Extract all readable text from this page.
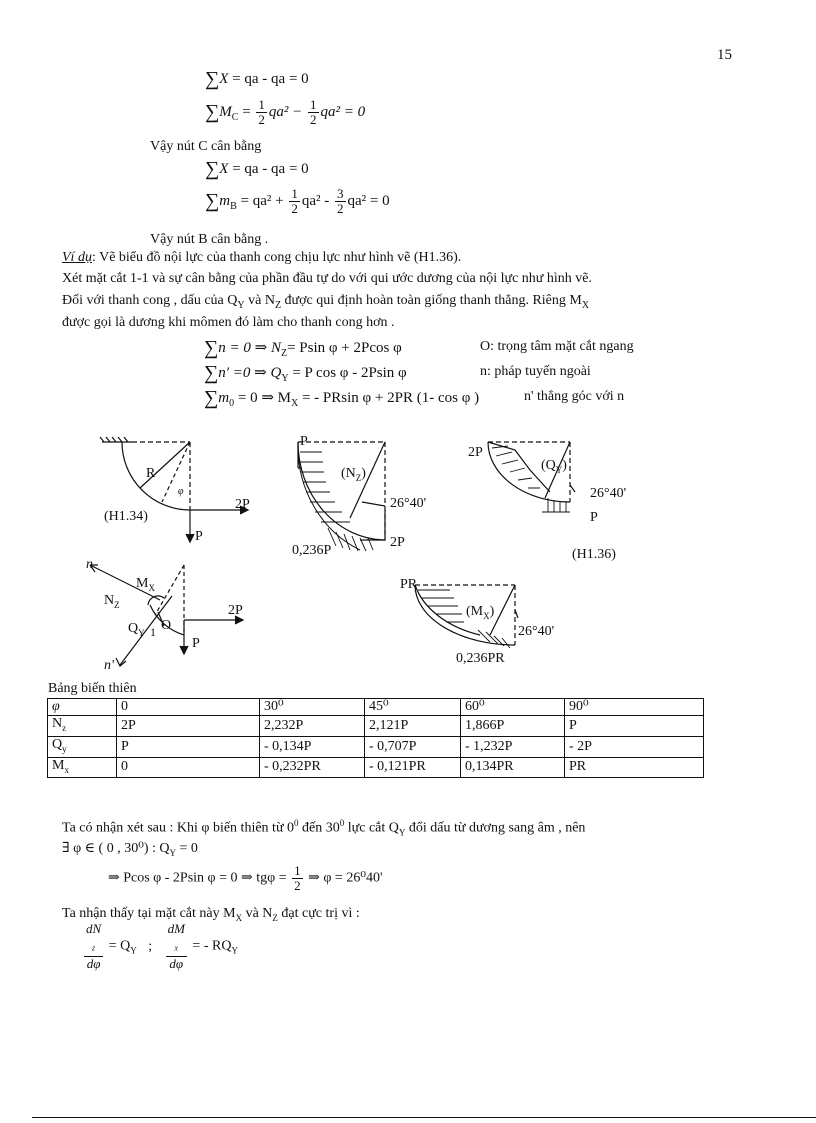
15
∑X = qa - qa = 0
$\sum M_C = \frac{1}{2} qa^2 - \frac{1}{2} qa^2 = 0$
Vậy nút C cân bằng
∑X = qa - qa = 0
$\sum m_B = qa^2 + \frac{1}{2} qa^2 - \frac{3}{2} qa^2 = 0$
Vậy nút B cân bằng .
Ví dụ: Vẽ biểu đồ nội lực của thanh cong chịu lực như hình vẽ (H1.36).
Xét mặt cắt 1-1 và sự cân bằng của phần đầu tự do với qui ước dương của nội lực như hình vẽ.
Đối với thanh cong , dấu của $Q_Y$ và $N_Z$ được qui định hoàn toàn giống thanh thẳng. Riêng $M_X$
được gọi là dương khi mômen đó làm cho thanh cong hơn .
∑n = 0 ⇒ $N_Z= Psin$ φ + 2Pcos φ	O: trọng tâm mặt cắt ngang
∑n′ =0 ⇒ $Q_Y = P$ cos φ - 2Psin φ	n: pháp tuyến ngoài
$\sum m_0 = 0$ ⇒ $M_X$ = - PRsin φ + 2PR (1- cos φ )	n' thẳng góc với n
R
φ
2P
(H1.34)
P
$(N_Z)$
26°40'
2P
0,236P
P
2P
$(Q_Y)$
26°40'
P
(H1.36)
PR
$(M_X)$
26°40'
0,236PR
n
$M_X$
$N_Z$	2P
$Q_Y$ 1 O
P
n'
Bảng biến thiên
φ	0	30⁰	45⁰	60⁰	90⁰
$N_z$	2P	2,232P	2,121P	1,866P	P
$Q_y$	P	- 0,134P	- 0,707P	- 1,232P	- 2P
$M_x$	0	- 0,232PR	- 0,121PR	0,134PR	PR
Ta có nhận xét sau : Khi φ biến thiên từ $0^0$ đến $30^0$ lực cắt $Q_Y$ đổi dấu từ dương sang âm , nên
∃ φ ∈ ( 0 , 30⁰) : $Q_Y = 0$
⇒ Pcos φ - 2Psin φ = 0 ⇒ $tg\varphi = \frac{1}{2}$ ⇒ φ = 26⁰40'
Ta nhận thấy tại mặt cắt này $M_X$ và $N_Z$ đạt cực trị vì :
dN
$_z$
$d\varphi = Q_Y$ ; dM
$_x$
dφ = - $RQ_Y$
